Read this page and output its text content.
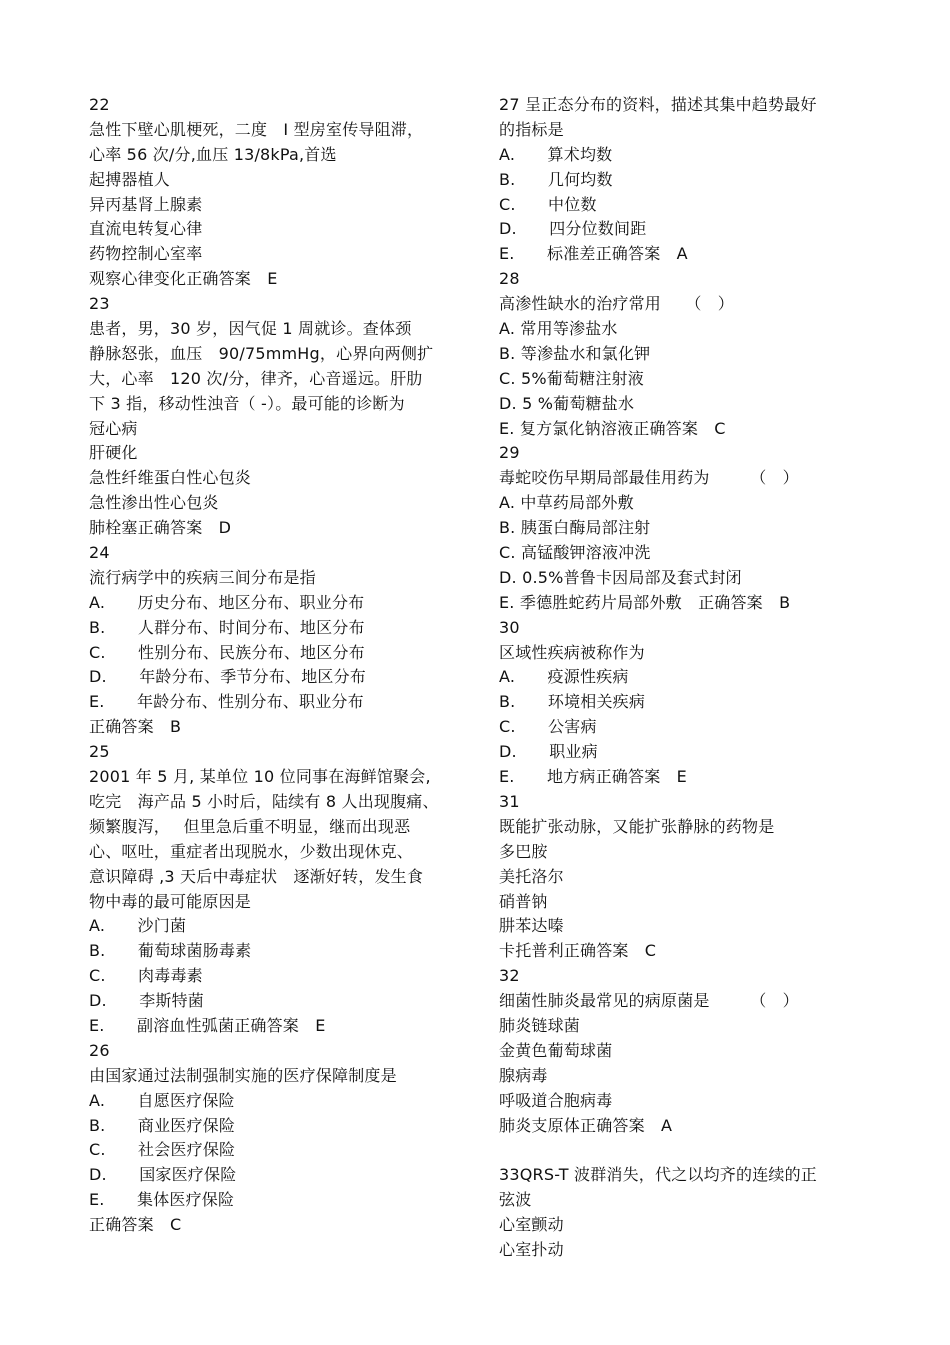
22
急性下壁心肌梗死，二度　I 型房室传导阻滞，
心率 56 次/分,血压 13/8kPa,首选
起搏器植人
异丙基肾上腺素
直流电转复心律
药物控制心室率
观察心律变化正确答案　E
23
患者，男，30 岁，因气促 1 周就诊。查体颈
静脉怒张，血压　90/75mmHg，心界向两侧扩
大，心率　120 次/分，律齐，心音遥远。肝肋
下 3 指，移动性浊音（ -）。最可能的诊断为
冠心病
肝硬化
急性纤维蛋白性心包炎
急性渗出性心包炎
肺栓塞正确答案　D
24
流行病学中的疾病三间分布是指
A.　　历史分布、地区分布、职业分布
B.　　人群分布、时间分布、地区分布
C.　　性别分布、民族分布、地区分布
D.　　年龄分布、季节分布、地区分布
E.　　年龄分布、性别分布、职业分布
正确答案　B
25
2001 年 5 月, 某单位 10 位同事在海鲜馆聚会,
吃完　海产品 5 小时后，陆续有 8 人出现腹痛、
频繁腹泻，　 但里急后重不明显，继而出现恶
心、呕吐，重症者出现脱水，少数出现休克、
意识障碍 ,3 天后中毒症状　逐渐好转，发生食
物中毒的最可能原因是
A.　　沙门菌
B.　　葡萄球菌肠毒素
C.　　肉毒毒素
D.　　李斯特菌
E.　　副溶血性弧菌正确答案　E
26
由国家通过法制强制实施的医疗保障制度是
A.　　自愿医疗保险
B.　　商业医疗保险
C.　　社会医疗保险
D.　　国家医疗保险
E.　　集体医疗保险
正确答案　C
27 呈正态分布的资料，描述其集中趋势最好
的指标是
A.　　算术均数
B.　　几何均数
C.　　中位数
D.　　四分位数间距
E.　　标准差正确答案　A
28
高渗性缺水的治疗常用　　（　）
A. 常用等渗盐水
B. 等渗盐水和氯化钾
C. 5%葡萄糖注射液
D. 5 %葡萄糖盐水
E. 复方氯化钠溶液正确答案　C
29
毒蛇咬伤早期局部最佳用药为　　　（　）
A. 中草药局部外敷
B. 胰蛋白酶局部注射
C. 高锰酸钾溶液冲洗
D. 0.5%普鲁卡因局部及套式封闭
E. 季德胜蛇药片局部外敷　正确答案　B
30
区域性疾病被称作为
A.　　疫源性疾病
B.　　环境相关疾病
C.　　公害病
D.　　职业病
E.　　地方病正确答案　E
31
既能扩张动脉，又能扩张静脉的药物是
多巴胺
美托洛尔
硝普钠
肼苯达嗪
卡托普利正确答案　C
32
细菌性肺炎最常见的病原菌是　　　（　）
肺炎链球菌
金黄色葡萄球菌
腺病毒
呼吸道合胞病毒
肺炎支原体正确答案　A
33QRS-T 波群消失，代之以均齐的连续的正
弦波
心室颤动
心室扑动
